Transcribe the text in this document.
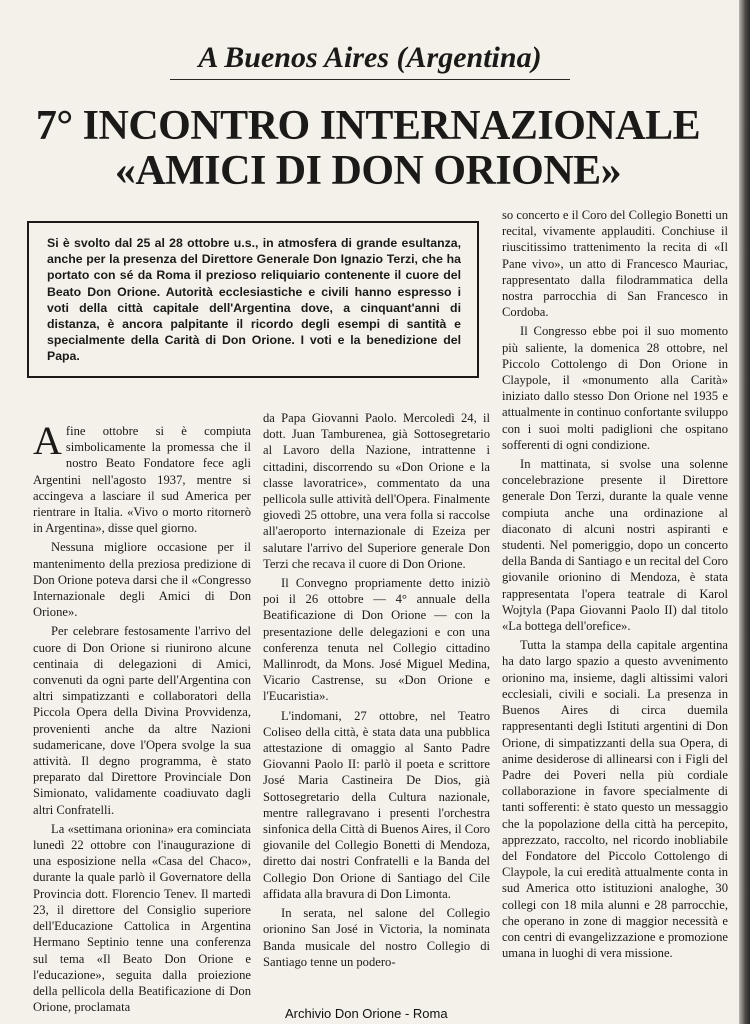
A Buenos Aires (Argentina)
7° INCONTRO INTERNAZIONALE
«AMICI DI DON ORIONE»

Si è svolto dal 25 al 28 ottobre u.s., in atmosfera di grande esultanza, anche per la presenza del Direttore Generale Don Ignazio Terzi, che ha portato con sé da Roma il prezioso reliquiario contenente il cuore del Beato Don Orione. Autorità ecclesiastiche e civili hanno espresso i voti della città capitale dell'Argentina dove, a cinquant'anni di distanza, è ancora palpitante il ricordo degli esempi di santità e specialmente della Carità di Don Orione. I voti e la benedizione del Papa.

Afine ottobre si è compiuta simbolicamente la promessa che il nostro Beato Fondatore fece agli Argentini nell'agosto 1937, mentre si accingeva a lasciare il sud America per rientrare in Italia. «Vivo o morto ritornerò in Argentina», disse quel giorno.

Nessuna migliore occasione per il mantenimento della preziosa predizione di Don Orione poteva darsi che il «Congresso Internazionale degli Amici di Don Orione».

Per celebrare festosamente l'arrivo del cuore di Don Orione si riunirono alcune centinaia di delegazioni di Amici, convenuti da ogni parte dell'Argentina con altri simpatizzanti e collaboratori della Piccola Opera della Divina Provvidenza, provenienti anche da altre Nazioni sudamericane, dove l'Opera svolge la sua attività. Il degno programma, è stato preparato dal Direttore Provinciale Don Simionato, validamente coadiuvato dagli altri Confratelli.

La «settimana orionina» era cominciata lunedì 22 ottobre con l'inaugurazione di una esposizione nella «Casa del Chaco», durante la quale parlò il Governatore della Provincia dott. Florencio Tenev. Il martedì 23, il direttore del Consiglio superiore dell'Educazione Cattolica in Argentina Hermano Septinio tenne una conferenza sul tema «Il Beato Don Orione e l'educazione», seguita dalla proiezione della pellicola della Beatificazione di Don Orione, proclamata

da Papa Giovanni Paolo. Mercoledì 24, il dott. Juan Tamburenea, già Sottosegretario al Lavoro della Nazione, intrattenne i cittadini, discorrendo su «Don Orione e la classe lavoratrice», commentato da una pellicola sulle attività dell'Opera. Finalmente giovedì 25 ottobre, una vera folla si raccolse all'aeroporto internazionale di Ezeiza per salutare l'arrivo del Superiore generale Don Terzi che recava il cuore di Don Orione.

Il Convegno propriamente detto iniziò poi il 26 ottobre — 4° annuale della Beatificazione di Don Orione — con la presentazione delle delegazioni e con una conferenza tenuta nel Collegio cittadino Mallinrodt, da Mons. José Miguel Medina, Vicario Castrense, su «Don Orione e l'Eucaristia».

L'indomani, 27 ottobre, nel Teatro Coliseo della città, è stata data una pubblica attestazione di omaggio al Santo Padre Giovanni Paolo II: parlò il poeta e scrittore José Maria Castineira De Dios, già Sottosegretario della Cultura nazionale, mentre rallegravano i presenti l'orchestra sinfonica della Città di Buenos Aires, il Coro giovanile del Collegio Bonetti di Mendoza, diretto dai nostri Confratelli e la Banda del Collegio Don Orione di Santiago del Cile affidata alla bravura di Don Limonta.

In serata, nel salone del Collegio orionino San José in Victoria, la nominata Banda musicale del nostro Collegio di Santiago tenne un podero-

so concerto e il Coro del Collegio Bonetti un recital, vivamente applauditi. Conchiuse il riuscitissimo trattenimento la recita di «Il Pane vivo», un atto di Francesco Mauriac, rappresentato dalla filodrammatica della nostra parrocchia di San Francesco in Cordoba.

Il Congresso ebbe poi il suo momento più saliente, la domenica 28 ottobre, nel Piccolo Cottolengo di Don Orione in Claypole, il «monumento alla Carità» iniziato dallo stesso Don Orione nel 1935 e attualmente in continuo confortante sviluppo con i suoi molti padiglioni che ospitano sofferenti di ogni condizione.

In mattinata, si svolse una solenne concelebrazione presente il Direttore generale Don Terzi, durante la quale venne compiuta anche una ordinazione al diaconato di alcuni nostri aspiranti e studenti. Nel pomeriggio, dopo un concerto della Banda di Santiago e un recital del Coro giovanile orionino di Mendoza, è stata rappresentata l'opera teatrale di Karol Wojtyla (Papa Giovanni Paolo II) dal titolo «La bottega dell'orefice».

Tutta la stampa della capitale argentina ha dato largo spazio a questo avvenimento orionino ma, insieme, dagli altissimi valori ecclesiali, civili e sociali. La presenza in Buenos Aires di circa duemila rappresentanti degli Istituti argentini di Don Orione, di simpatizzanti della sua Opera, di anime desiderose di allinearsi con i Figli del Padre dei Poveri nella più cordiale collaborazione in favore specialmente di tanti sofferenti: è stato questo un messaggio che la popolazione della città ha percepito, apprezzato, raccolto, nel ricordo inobliabile del Fondatore del Piccolo Cottolengo di Claypole, la cui eredità attualmente conta in sud America otto istituzioni analoghe, 30 collegi con 18 mila alunni e 28 parrocchie, che operano in zone di maggior necessità e con centri di evangelizzazione e promozione umana in luoghi di vera missione.

Archivio Don Orione - Roma
